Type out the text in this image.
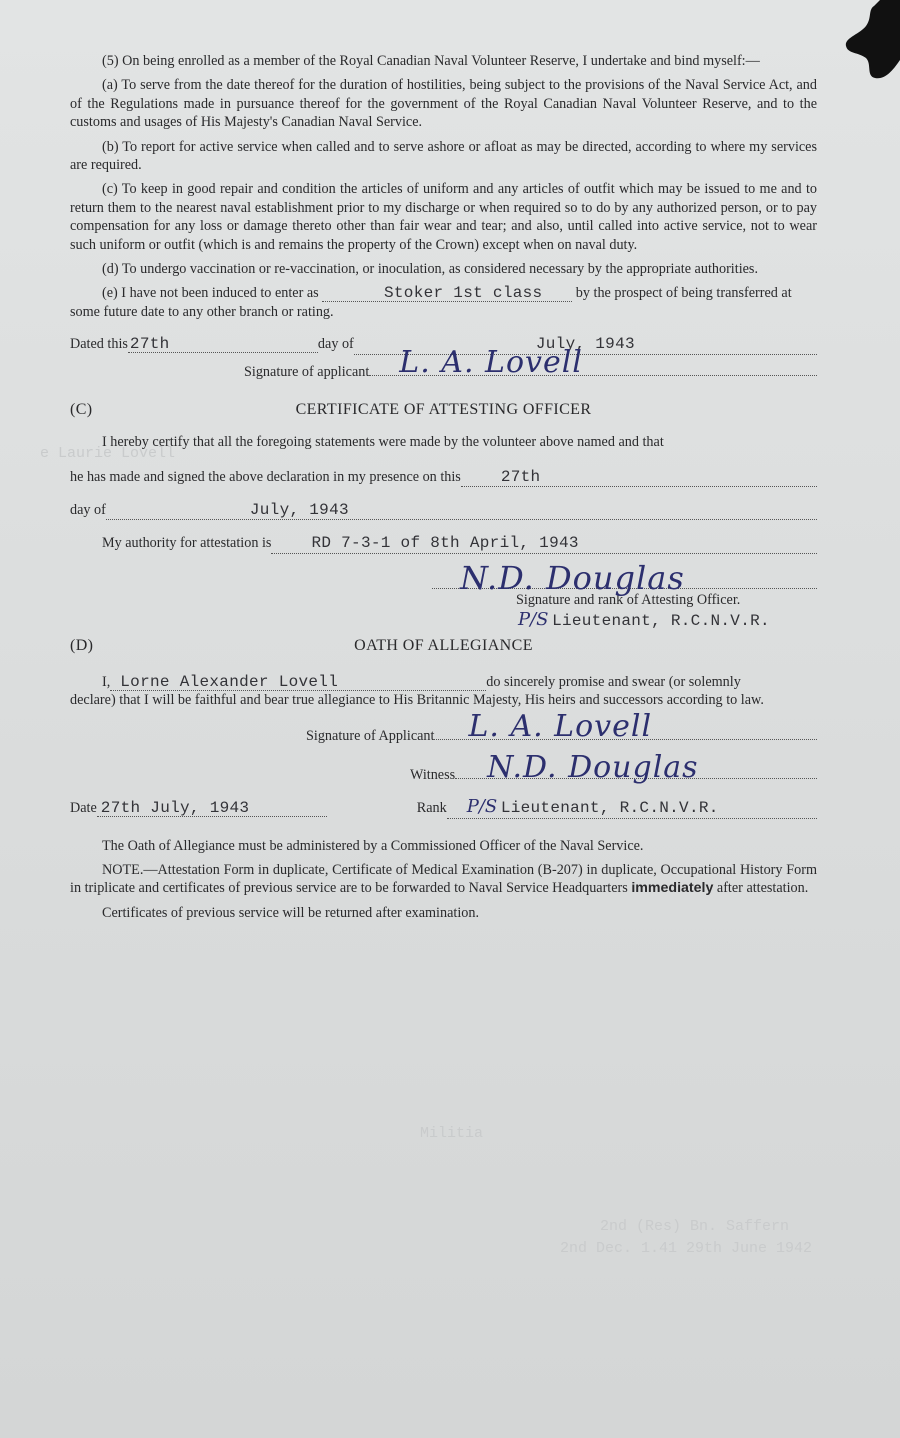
e Laurie Lovell
Militia
2nd (Res) Bn. Saffern
2nd Dec. 1.41 29th June 1942

(5) On being enrolled as a member of the Royal Canadian Naval Volunteer Reserve, I undertake and bind myself:—

(a) To serve from the date thereof for the duration of hostilities, being subject to the provisions of the Naval Service Act, and of the Regulations made in pursuance thereof for the government of the Royal Canadian Naval Volunteer Reserve, and to the customs and usages of His Majesty's Canadian Naval Service.

(b) To report for active service when called and to serve ashore or afloat as may be directed, according to where my services are required.

(c) To keep in good repair and condition the articles of uniform and any articles of outfit which may be issued to me and to return them to the nearest naval establishment prior to my discharge or when required so to do by any authorized person, or to pay compensation for any loss or damage thereto other than fair wear and tear; and also, until called into active service, not to wear such uniform or outfit (which is and remains the property of the Crown) except when on naval duty.

(d) To undergo vaccination or re-vaccination, or inoculation, as considered necessary by the appropriate authorities.

(e) I have not been induced to enter as	Stoker 1st class by the prospect of being transferred at some future date to any other branch or rating.

Dated this 27th	day of	July, 1943
Signature of applicant L. A. Lovell
(C)	CERTIFICATE OF ATTESTING OFFICER

I hereby certify that all the foregoing statements were made by the volunteer above named and that

he has made and signed the above declaration in my presence on this	27th
day of	July, 1943
My authority for attestation is	RD 7-3-1 of 8th April, 1943
N.D. Douglas

Signature and rank of Attesting Officer.

P/S Lieutenant, R.C.N.V.R.

(D)	OATH OF ALLEGIANCE
I, Lorne Alexander Lovell	do sincerely promise and swear (or solemnly

declare) that I will be faithful and bear true allegiance to His Britannic Majesty, His heirs and successors according to law.

Signature of Applicant L. A. Lovell
Witness N.D. Douglas
Date 27th July, 1943	Rank	P/S Lieutenant, R.C.N.V.R.

The Oath of Allegiance must be administered by a Commissioned Officer of the Naval Service.

NOTE.—Attestation Form in duplicate, Certificate of Medical Examination (B-207) in duplicate, Occupational History Form in triplicate and certificates of previous service are to be forwarded to Naval Service Headquarters immediately after attestation.

Certificates of previous service will be returned after examination.
